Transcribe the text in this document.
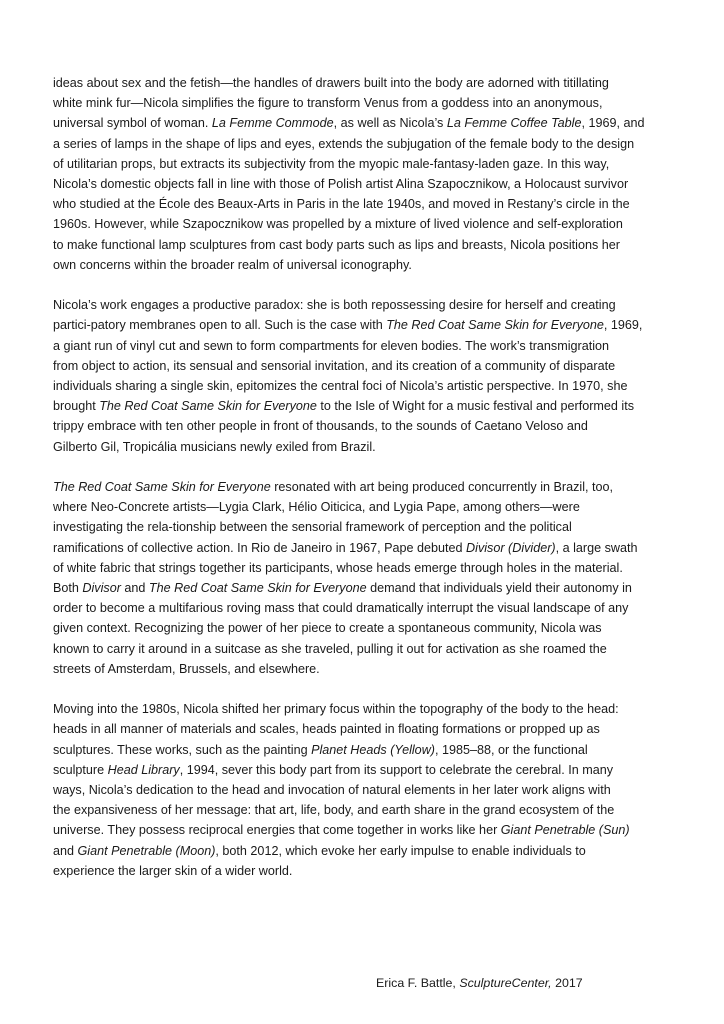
ideas about sex and the fetish—the handles of drawers built into the body are adorned with titillating
white mink fur—Nicola simplifies the figure to transform Venus from a goddess into an anonymous,
universal symbol of woman. La Femme Commode, as well as Nicola’s La Femme Coffee Table, 1969, and
a series of lamps in the shape of lips and eyes, extends the subjugation of the female body to the design
of utilitarian props, but extracts its subjectivity from the myopic male-fantasy-laden gaze. In this way,
Nicola’s domestic objects fall in line with those of Polish artist Alina Szapocznikow, a Holocaust survivor
who studied at the École des Beaux-Arts in Paris in the late 1940s, and moved in Restany’s circle in the
1960s. However, while Szapocznikow was propelled by a mixture of lived violence and self-exploration
to make functional lamp sculptures from cast body parts such as lips and breasts, Nicola positions her
own concerns within the broader realm of universal iconography.

Nicola’s work engages a productive paradox: she is both repossessing desire for herself and creating
partici-patory membranes open to all. Such is the case with The Red Coat Same Skin for Everyone, 1969,
a giant run of vinyl cut and sewn to form compartments for eleven bodies. The work’s transmigration
from object to action, its sensual and sensorial invitation, and its creation of a community of disparate
individuals sharing a single skin, epitomizes the central foci of Nicola’s artistic perspective. In 1970, she
brought The Red Coat Same Skin for Everyone to the Isle of Wight for a music festival and performed its
trippy embrace with ten other people in front of thousands, to the sounds of Caetano Veloso and
Gilberto Gil, Tropicália musicians newly exiled from Brazil.

The Red Coat Same Skin for Everyone resonated with art being produced concurrently in Brazil, too,
where Neo-Concrete artists—Lygia Clark, Hélio Oiticica, and Lygia Pape, among others—were
investigating the rela-tionship between the sensorial framework of perception and the political
ramifications of collective action. In Rio de Janeiro in 1967, Pape debuted Divisor (Divider), a large swath
of white fabric that strings together its participants, whose heads emerge through holes in the material.
Both Divisor and The Red Coat Same Skin for Everyone demand that individuals yield their autonomy in
order to become a multifarious roving mass that could dramatically interrupt the visual landscape of any
given context. Recognizing the power of her piece to create a spontaneous community, Nicola was
known to carry it around in a suitcase as she traveled, pulling it out for activation as she roamed the
streets of Amsterdam, Brussels, and elsewhere.

Moving into the 1980s, Nicola shifted her primary focus within the topography of the body to the head:
heads in all manner of materials and scales, heads painted in floating formations or propped up as
sculptures. These works, such as the painting Planet Heads (Yellow), 1985–88, or the functional
sculpture Head Library, 1994, sever this body part from its support to celebrate the cerebral. In many
ways, Nicola’s dedication to the head and invocation of natural elements in her later work aligns with
the expansiveness of her message: that art, life, body, and earth share in the grand ecosystem of the
universe. They possess reciprocal energies that come together in works like her Giant Penetrable (Sun)
and Giant Penetrable (Moon), both 2012, which evoke her early impulse to enable individuals to
experience the larger skin of a wider world.

Erica F. Battle, SculptureCenter, 2017
